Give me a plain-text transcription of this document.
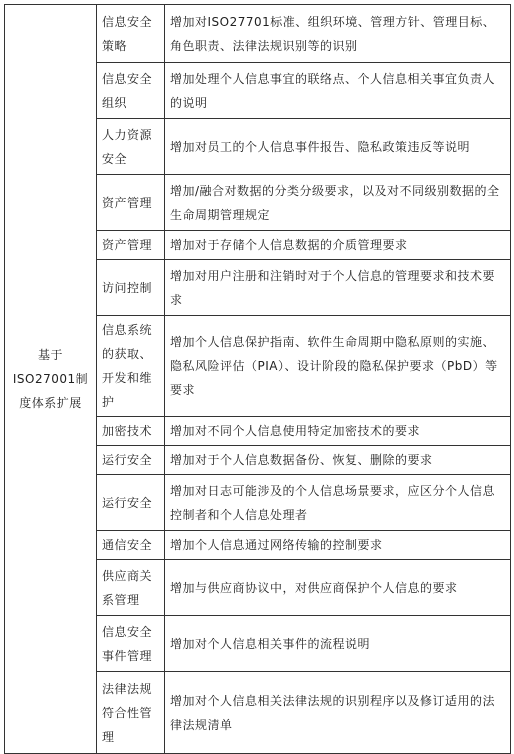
基于ISO27001制度体系扩展	信息安全策略	增加对ISO27701标准、组织环境、管理方针、管理目标、角色职责、法律法规识别等的识别
	信息安全组织	增加处理个人信息事宜的联络点、个人信息相关事宜负责人的说明
	人力资源安全	增加对员工的个人信息事件报告、隐私政策违反等说明
	资产管理	增加/融合对数据的分类分级要求，以及对不同级别数据的全生命周期管理规定
	资产管理	增加对于存储个人信息数据的介质管理要求
	访问控制	增加对用户注册和注销时对于个人信息的管理要求和技术要求
	信息系统的获取、开发和维护	增加个人信息保护指南、软件生命周期中隐私原则的实施、隐私风险评估（PIA）、设计阶段的隐私保护要求（PbD）等要求
	加密技术	增加对不同个人信息使用特定加密技术的要求
	运行安全	增加对于个人信息数据备份、恢复、删除的要求
	运行安全	增加对日志可能涉及的个人信息场景要求，应区分个人信息控制者和个人信息处理者
	通信安全	增加个人信息通过网络传输的控制要求
	供应商关系管理	增加与供应商协议中，对供应商保护个人信息的要求
	信息安全事件管理	增加对个人信息相关事件的流程说明
	法律法规符合性管理	增加对个人信息相关法律法规的识别程序以及修订适用的法律法规清单
